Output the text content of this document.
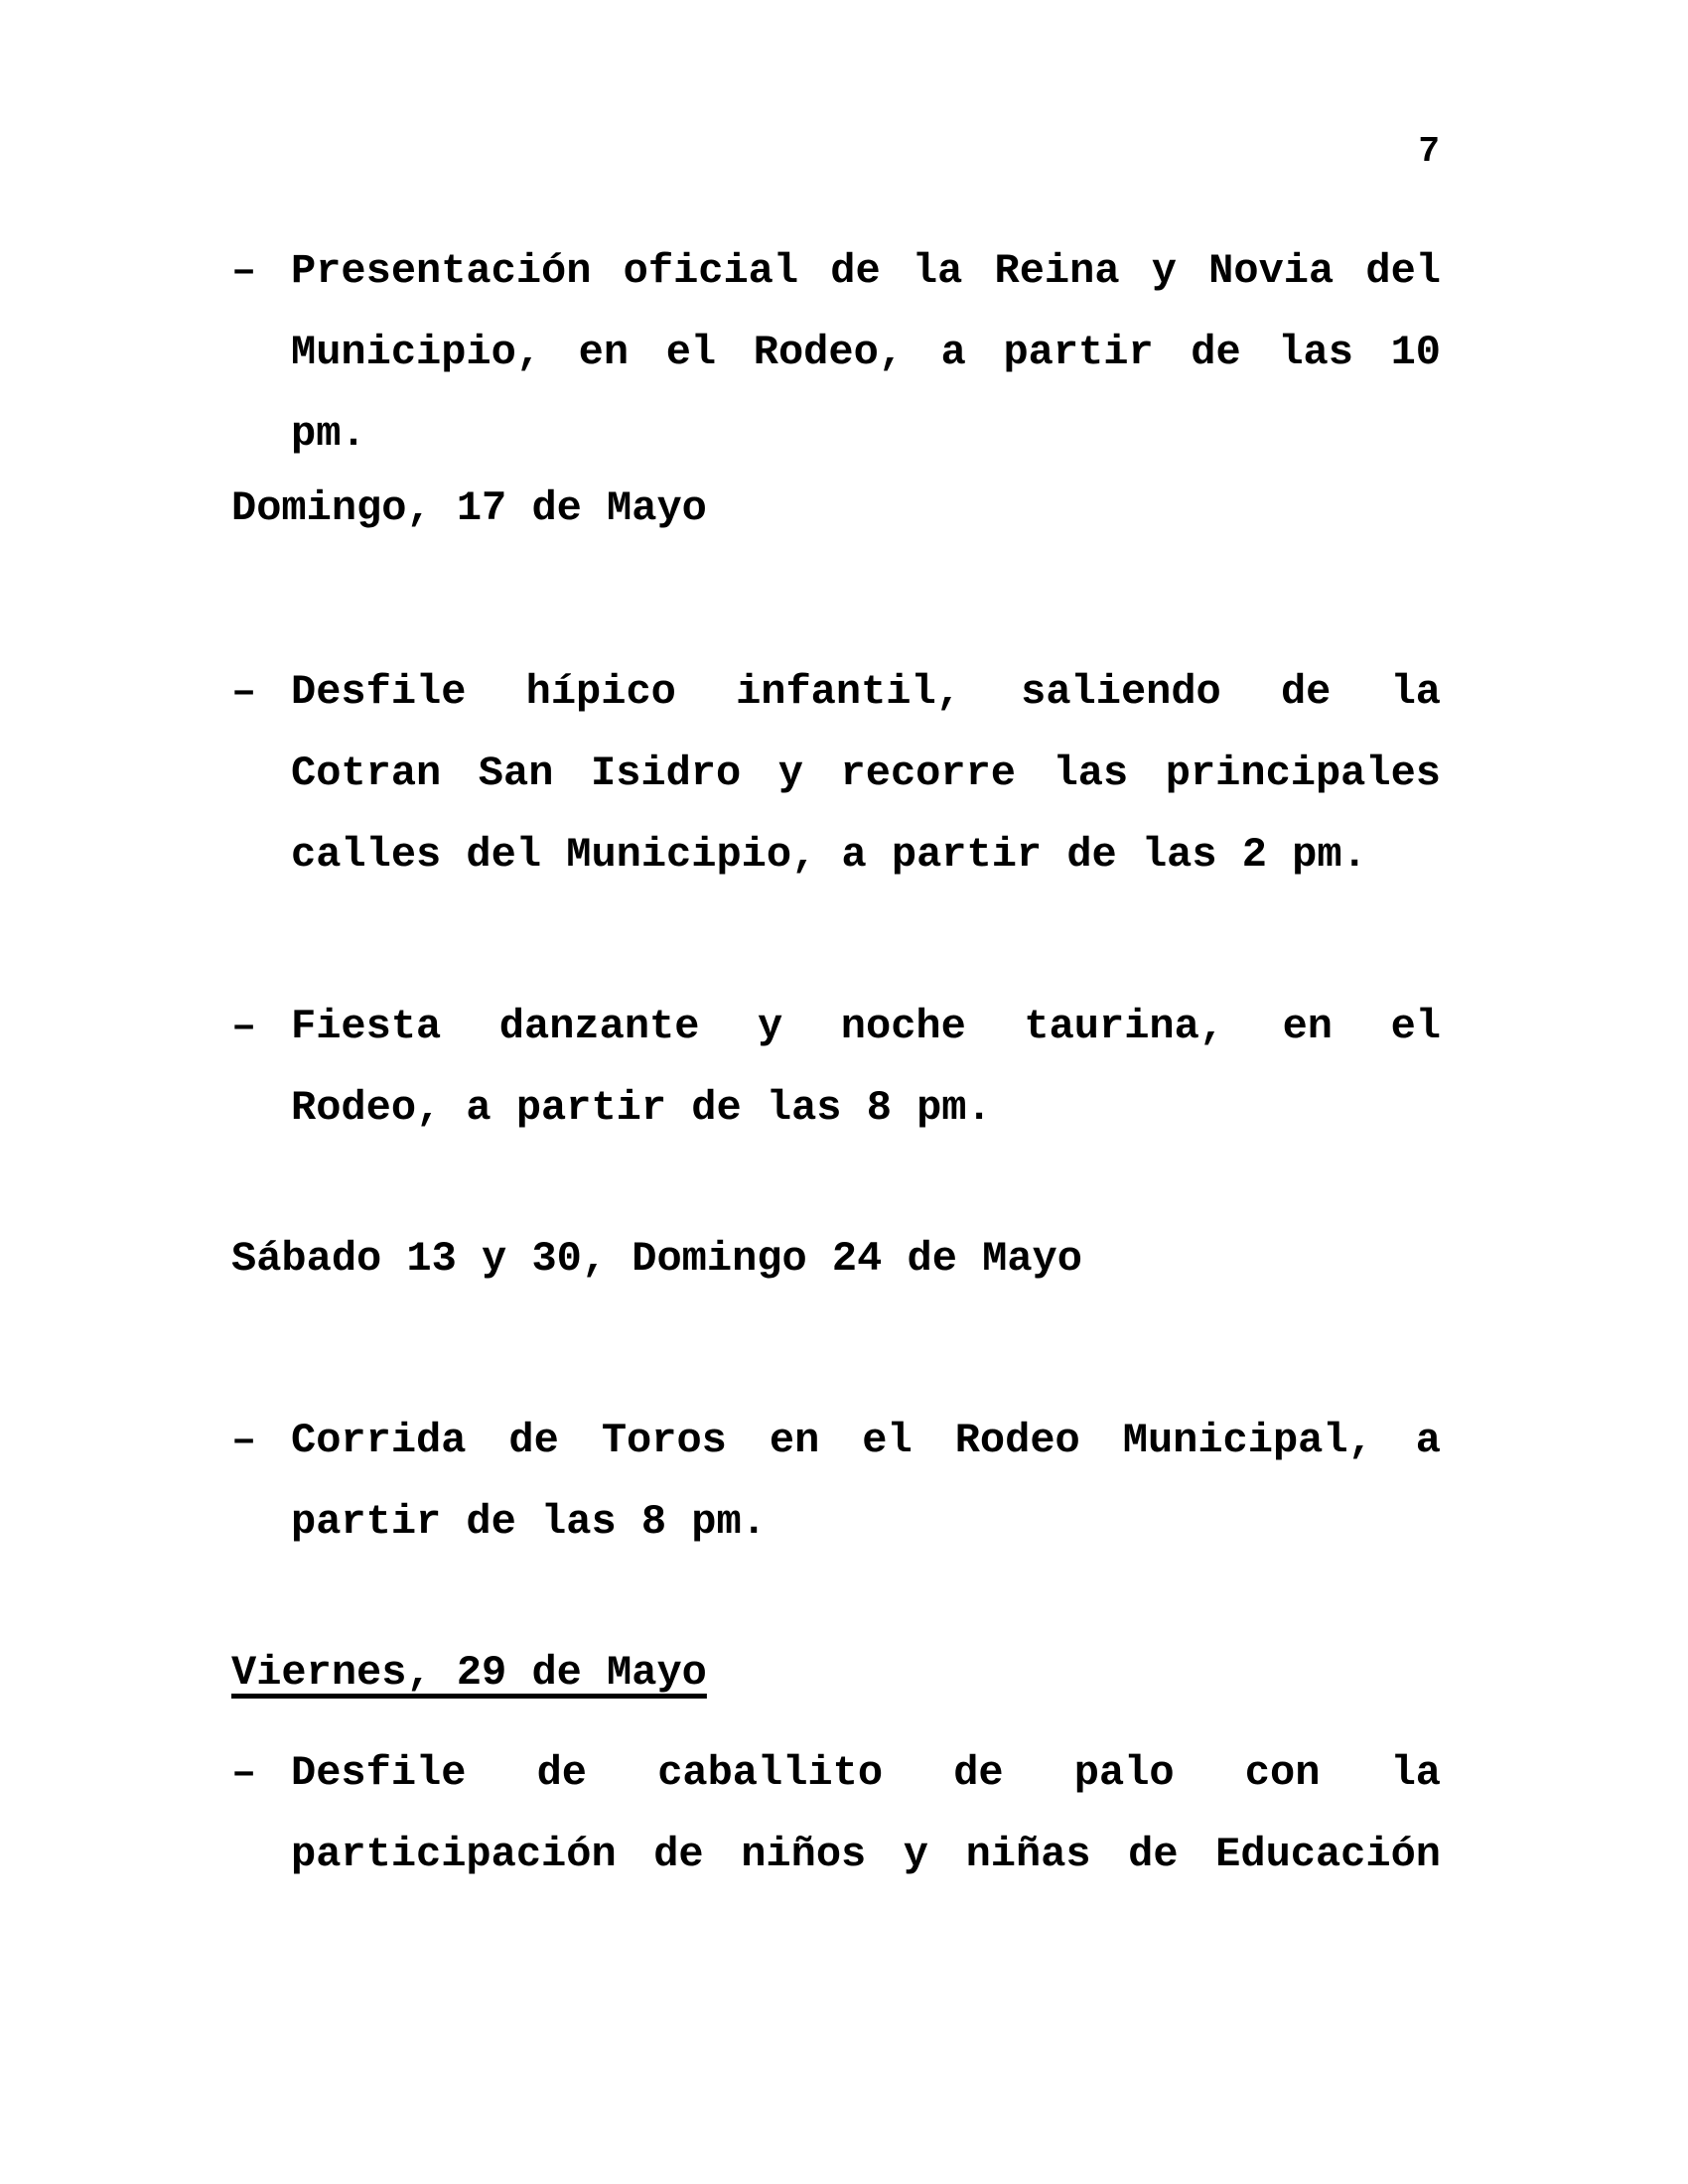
7
– Presentación oficial de la Reina y Novia del
Municipio, en el Rodeo, a partir de las 10 pm.
Domingo, 17 de Mayo
– Desfile hípico infantil, saliendo de la
Cotran San Isidro y recorre las principales
calles del Municipio, a partir de las 2 pm.
– Fiesta danzante y noche taurina, en el
Rodeo, a partir de las 8 pm.
Sábado 13 y 30, Domingo 24 de Mayo
– Corrida de Toros en el Rodeo Municipal, a
partir de las 8 pm.
Viernes, 29 de Mayo
– Desfile de caballito de palo con la
participación de niños y niñas de Educación
